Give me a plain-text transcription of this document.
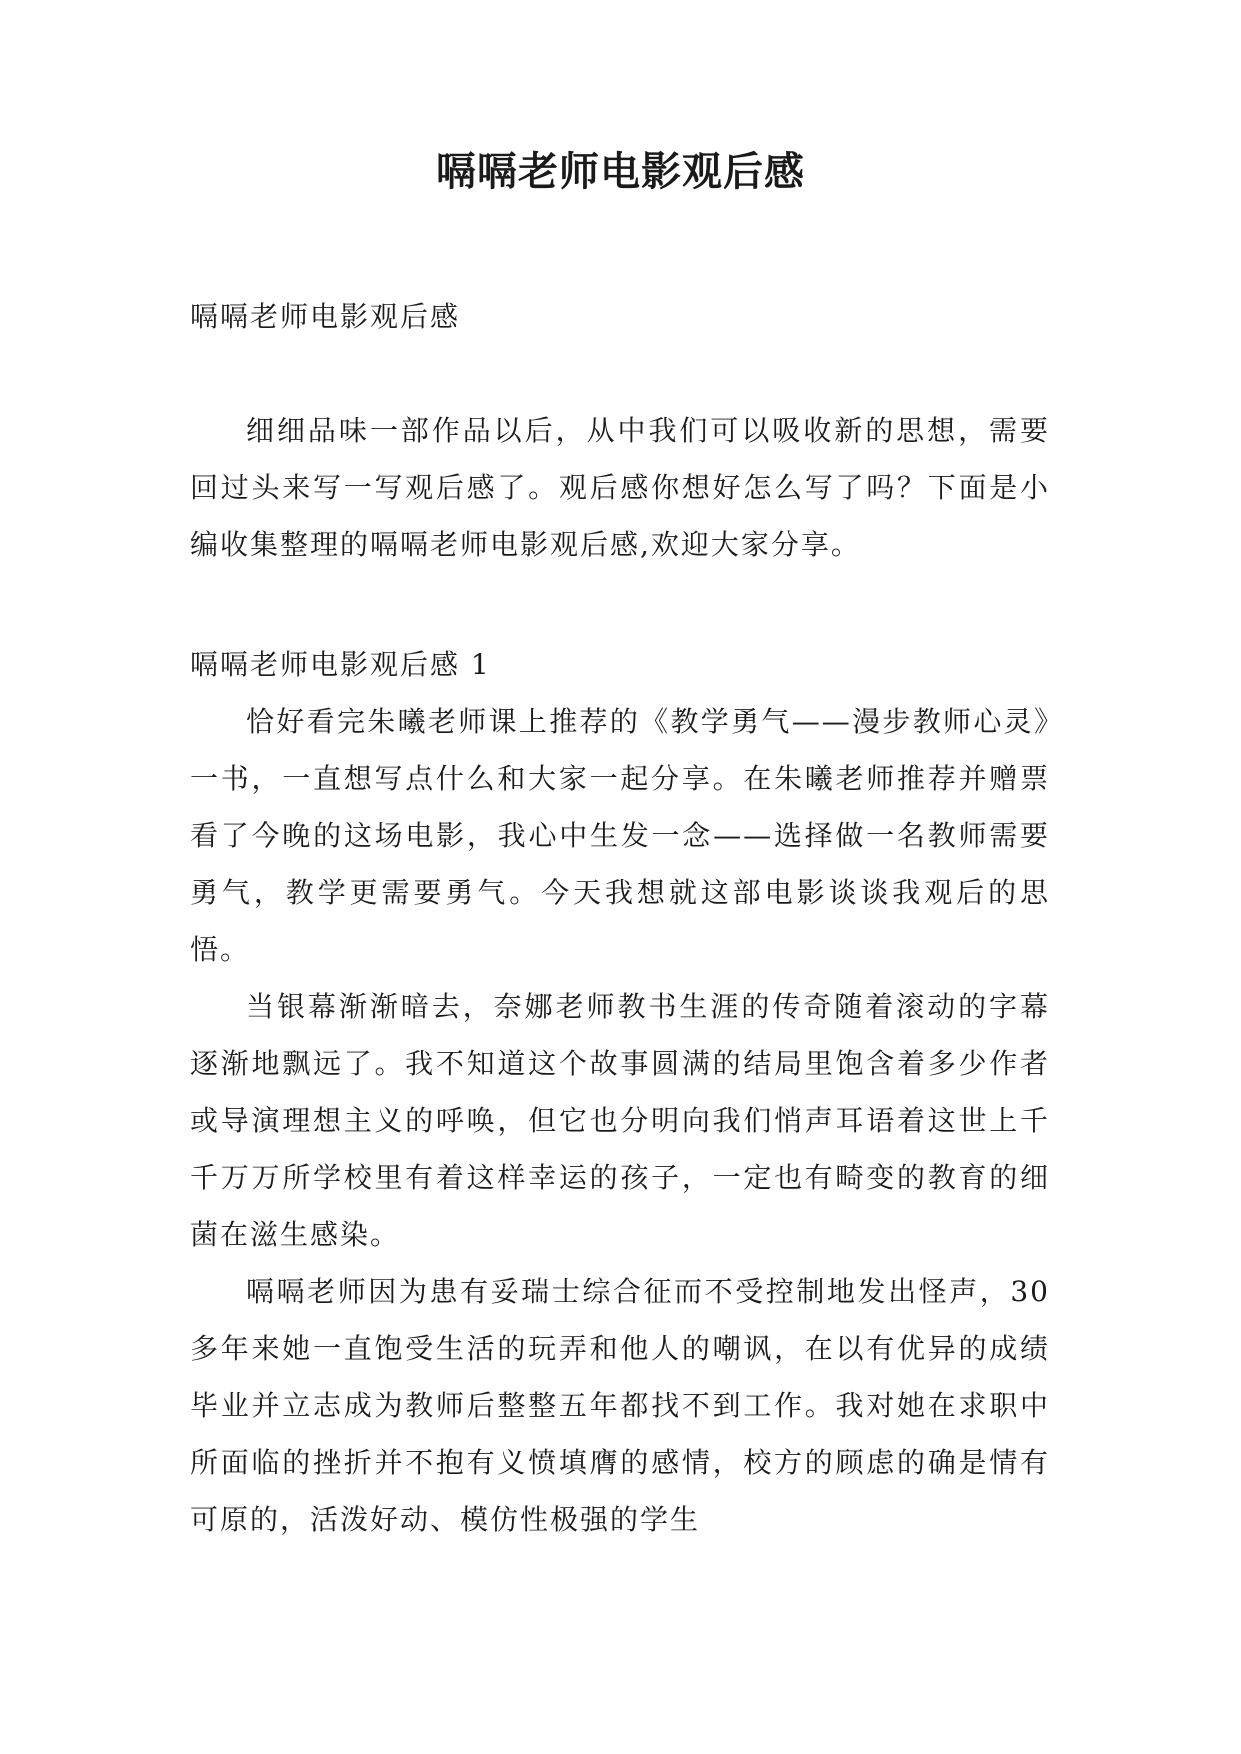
嗝嗝老师电影观后感

嗝嗝老师电影观后感

细细品味一部作品以后，从中我们可以吸收新的思想，需要回过头来写一写观后感了。观后感你想好怎么写了吗？下面是小编收集整理的嗝嗝老师电影观后感,欢迎大家分享。

嗝嗝老师电影观后感 1

恰好看完朱曦老师课上推荐的《教学勇气——漫步教师心灵》一书，一直想写点什么和大家一起分享。在朱曦老师推荐并赠票看了今晚的这场电影，我心中生发一念——选择做一名教师需要勇气，教学更需要勇气。今天我想就这部电影谈谈我观后的思悟。

当银幕渐渐暗去，奈娜老师教书生涯的传奇随着滚动的字幕逐渐地飘远了。我不知道这个故事圆满的结局里饱含着多少作者或导演理想主义的呼唤，但它也分明向我们悄声耳语着这世上千千万万所学校里有着这样幸运的孩子，一定也有畸变的教育的细菌在滋生感染。

嗝嗝老师因为患有妥瑞士综合征而不受控制地发出怪声，30 多年来她一直饱受生活的玩弄和他人的嘲讽，在以有优异的成绩毕业并立志成为教师后整整五年都找不到工作。我对她在求职中所面临的挫折并不抱有义愤填膺的感情，校方的顾虑的确是情有可原的，活泼好动、模仿性极强的学生
